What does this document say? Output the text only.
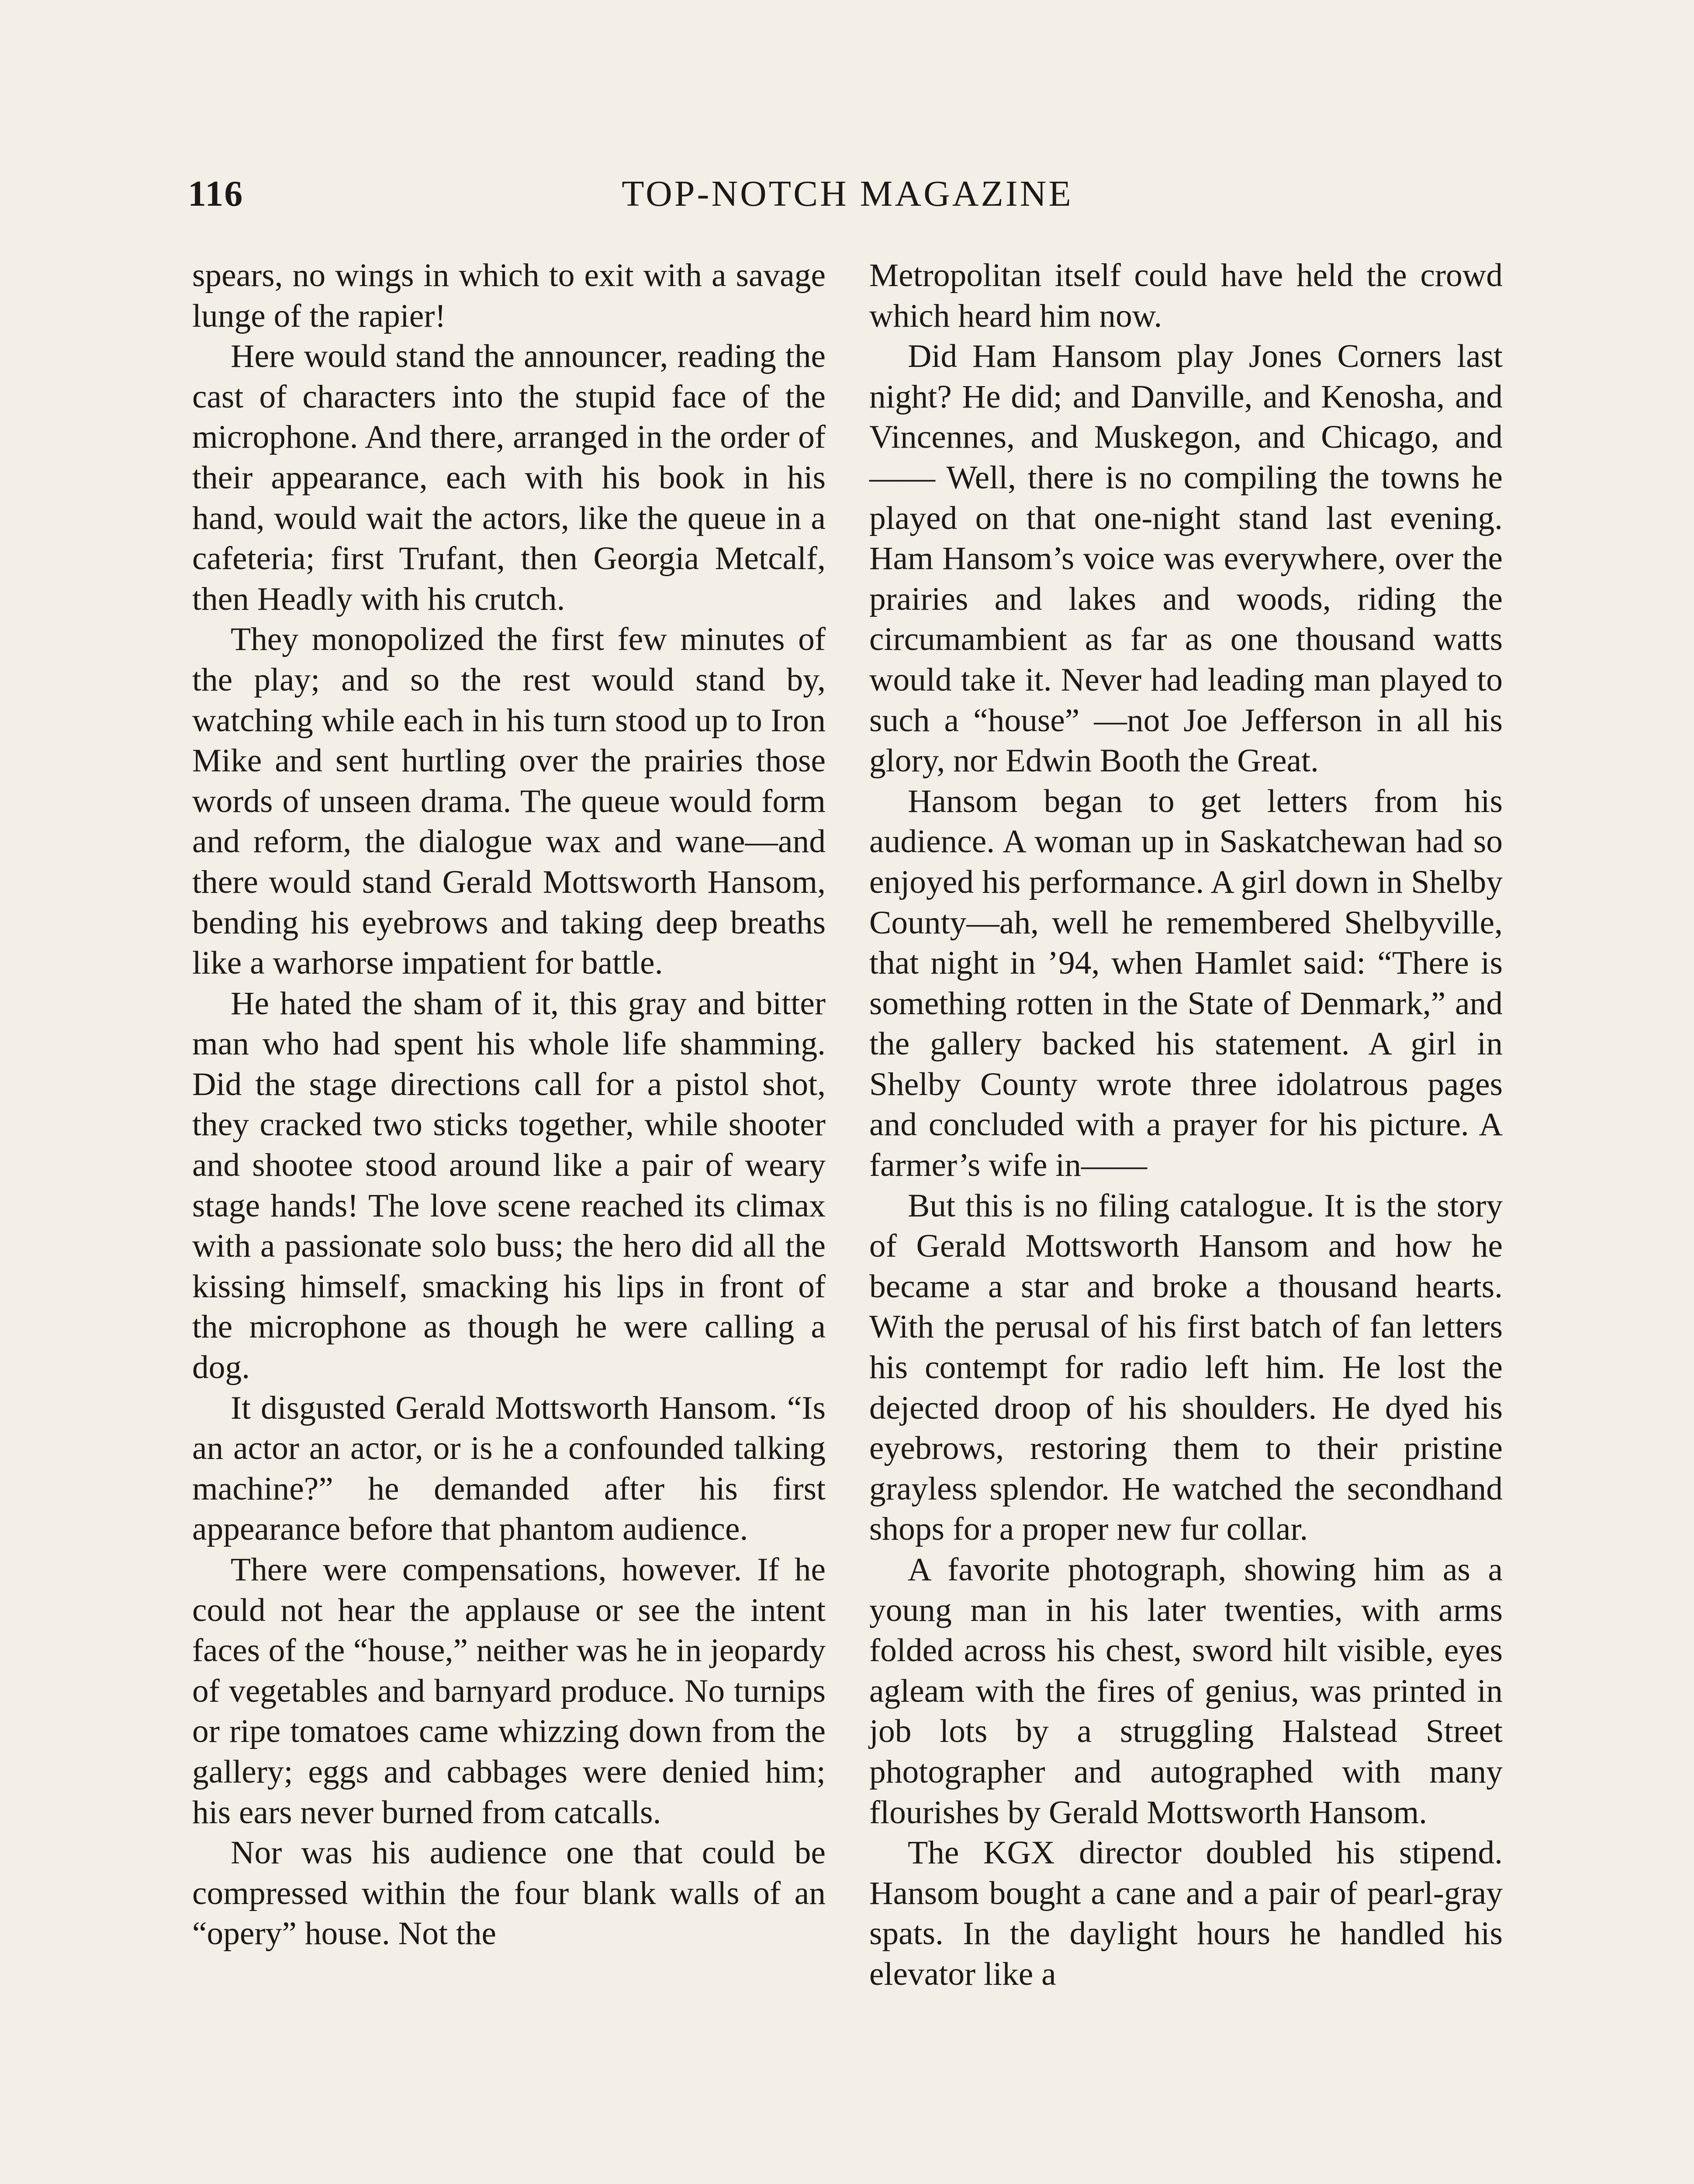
116	TOP-NOTCH MAGAZINE

spears, no wings in which to exit with a savage lunge of the rapier!

Here would stand the announcer, reading the cast of characters into the stupid face of the microphone. And there, arranged in the order of their appearance, each with his book in his hand, would wait the actors, like the queue in a cafeteria; first Trufant, then Georgia Metcalf, then Headly with his crutch.

They monopolized the first few minutes of the play; and so the rest would stand by, watching while each in his turn stood up to Iron Mike and sent hurtling over the prairies those words of unseen drama. The queue would form and reform, the dialogue wax and wane—and there would stand Gerald Mottsworth Hansom, bending his eyebrows and taking deep breaths like a warhorse impatient for battle.

He hated the sham of it, this gray and bitter man who had spent his whole life shamming. Did the stage directions call for a pistol shot, they cracked two sticks together, while shooter and shootee stood around like a pair of weary stage hands! The love scene reached its climax with a passionate solo buss; the hero did all the kissing himself, smacking his lips in front of the microphone as though he were calling a dog.

It disgusted Gerald Mottsworth Hansom. “Is an actor an actor, or is he a confounded talking machine?” he demanded after his first appearance before that phantom audience.

There were compensations, however. If he could not hear the applause or see the intent faces of the “house,” neither was he in jeopardy of vegetables and barnyard produce. No turnips or ripe tomatoes came whizzing down from the gallery; eggs and cabbages were denied him; his ears never burned from catcalls.

Nor was his audience one that could be compressed within the four blank walls of an “opery” house. Not the

Metropolitan itself could have held the crowd which heard him now.

Did Ham Hansom play Jones Corners last night? He did; and Danville, and Kenosha, and Vincennes, and Muskegon, and Chicago, and—— Well, there is no compiling the towns he played on that one-night stand last evening. Ham Hansom’s voice was everywhere, over the prairies and lakes and woods, riding the circumambient as far as one thousand watts would take it. Never had leading man played to such a “house” —not Joe Jefferson in all his glory, nor Edwin Booth the Great.

Hansom began to get letters from his audience. A woman up in Saskatchewan had so enjoyed his performance. A girl down in Shelby County—ah, well he remembered Shelbyville, that night in ’94, when Hamlet said: “There is something rotten in the State of Denmark,” and the gallery backed his statement. A girl in Shelby County wrote three idolatrous pages and concluded with a prayer for his picture. A farmer’s wife in——

But this is no filing catalogue. It is the story of Gerald Mottsworth Hansom and how he became a star and broke a thousand hearts. With the perusal of his first batch of fan letters his contempt for radio left him. He lost the dejected droop of his shoulders. He dyed his eyebrows, restoring them to their pristine grayless splendor. He watched the secondhand shops for a proper new fur collar.

A favorite photograph, showing him as a young man in his later twenties, with arms folded across his chest, sword hilt visible, eyes agleam with the fires of genius, was printed in job lots by a struggling Halstead Street photographer and autographed with many flourishes by Gerald Mottsworth Hansom.

The KGX director doubled his stipend. Hansom bought a cane and a pair of pearl-gray spats. In the daylight hours he handled his elevator like a
